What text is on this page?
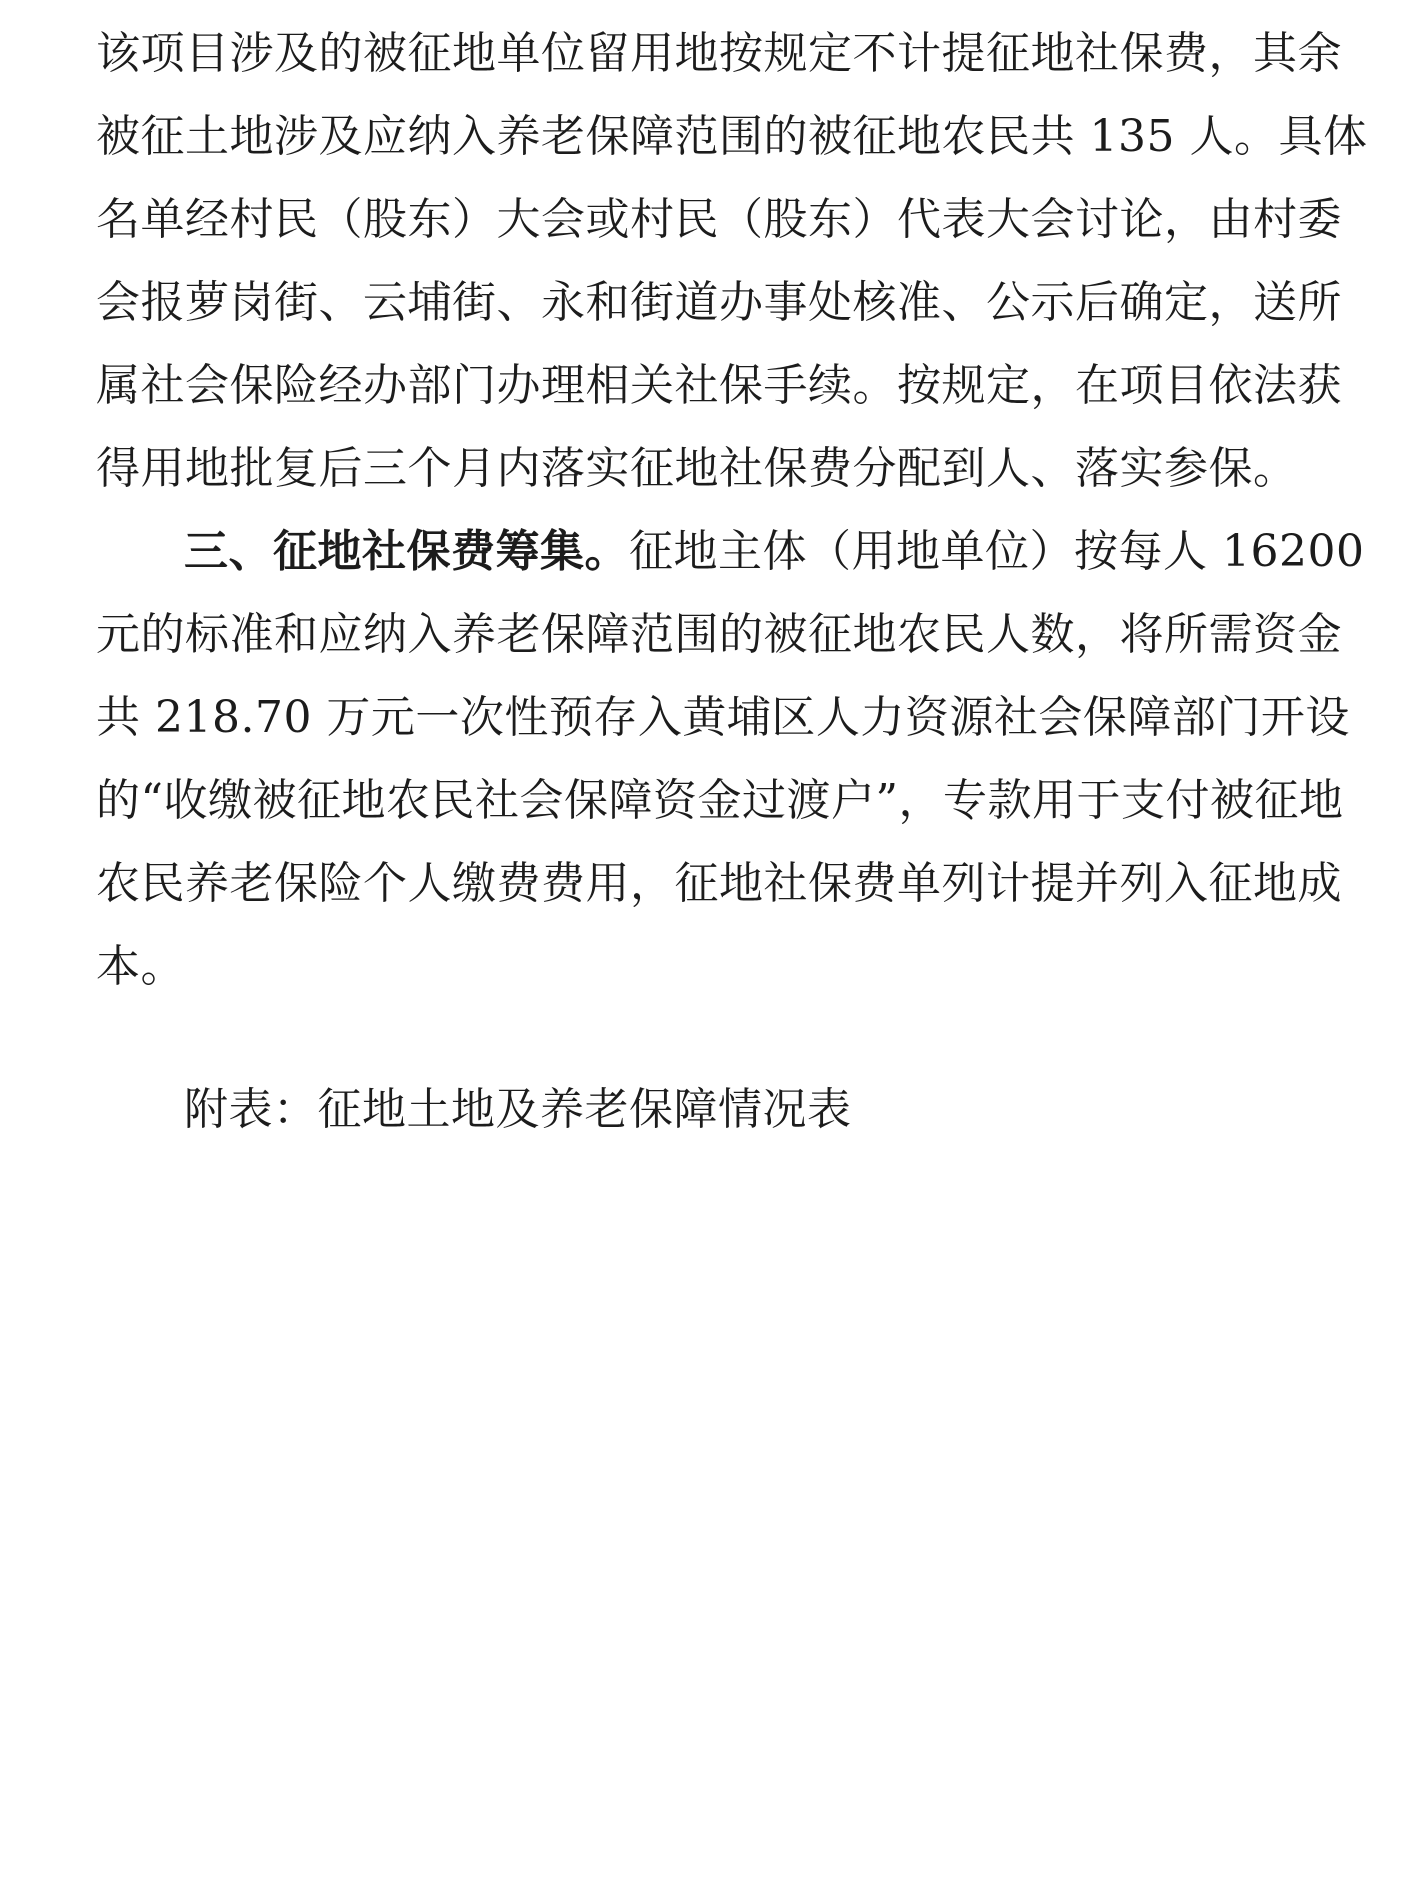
该项目涉及的被征地单位留用地按规定不计提征地社保费，其余
被征土地涉及应纳入养老保障范围的被征地农民共 135 人。具体
名单经村民（股东）大会或村民（股东）代表大会讨论，由村委
会报萝岗街、云埔街、永和街道办事处核准、公示后确定，送所
属社会保险经办部门办理相关社保手续。按规定，在项目依法获
得用地批复后三个月内落实征地社保费分配到人、落实参保。
三、征地社保费筹集。征地主体（用地单位）按每人 16200
元的标准和应纳入养老保障范围的被征地农民人数，将所需资金
共 218.70 万元一次性预存入黄埔区人力资源社会保障部门开设
的“收缴被征地农民社会保障资金过渡户”，专款用于支付被征地
农民养老保险个人缴费费用，征地社保费单列计提并列入征地成
本。
附表：征地土地及养老保障情况表
